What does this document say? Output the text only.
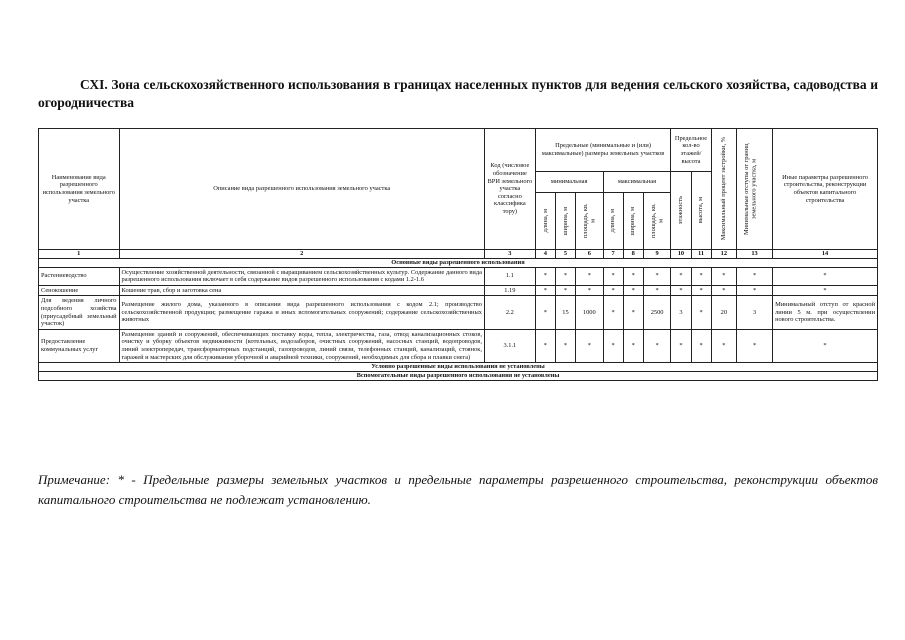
СХI. Зона сельскохозяйственного использования в границах населенных пунктов для ведения сельского хозяйства, садоводства и огородничества
Наименование вида разрешенного использования земельного участка	Описание вида разрешенного использования земельного участка	Код (числовое обозначение ВРИ земельного участка согласно классифика тору)	Предельные (минимальные и (или) максимальные) размеры земельных участков						Предельное кол-во этажей/ высота		Максимальный процент застройки, %	Минимальные отступы от границ земельного участка, м	Иные параметры разрешенного строительства, реконструкции объектов капитального строительства
			минимальная			максимальная			этажность	высота, м			

			длина, м	ширина, м	площадь, кв. м	длина, м	ширина, м	площадь, кв. м					

1	2	3	4	5	6	7	8	9	10	11	12	13	14
Основные виды разрешенного использования													
Растениеводство	Осуществление хозяйственной деятельности, связанной с выращиванием сельскохозяйственных культур. Содержание данного вида разрешенного использования включает в себя содержание видов разрешенного использования с кодами 1.2-1.6	1.1	*	*	*	*	*	*	*	*	*	*	*
Сенокошение	Кошение трав, сбор и заготовка сена	1.19	*	*	*	*	*	*	*	*	*	*	*
Для ведения личного подсобного хозяйства (приусадебный земельный участок)	Размещение жилого дома, указанного в описании вида разрешенного использования с кодом 2.1; производство сельскохозяйственной продукции; размещение гаража и иных вспомогательных сооружений; содержание сельскохозяйственных животных	2.2	*	15	1000	*	*	2500	3	*	20	3	Минимальный отступ от красной линии 5 м. при осуществлении нового строительства.
Предоставление коммунальных услуг	Размещение зданий и сооружений, обеспечивающих поставку воды, тепла, электричества, газа, отвод канализационных стоков, очистку и уборку объектов недвижимости (котельных, водозаборов, очистных сооружений, насосных станций, водопроводов, линий электропередач, трансформаторных подстанций, газопроводов, линий связи, телефонных станций, канализаций, стоянок, гаражей и мастерских для обслуживания уборочной и аварийной техники, сооружений, необходимых для сбора и плавки снега)	3.1.1	*	*	*	*	*	*	*	*	*	*	*
Условно разрешенные виды использования не установлены													
Вспомогательные виды разрешенного использования не установлены													
Примечание: * - Предельные размеры земельных участков и предельные параметры разрешенного строительства, реконструкции объектов капитального строительства не подлежат установлению.
